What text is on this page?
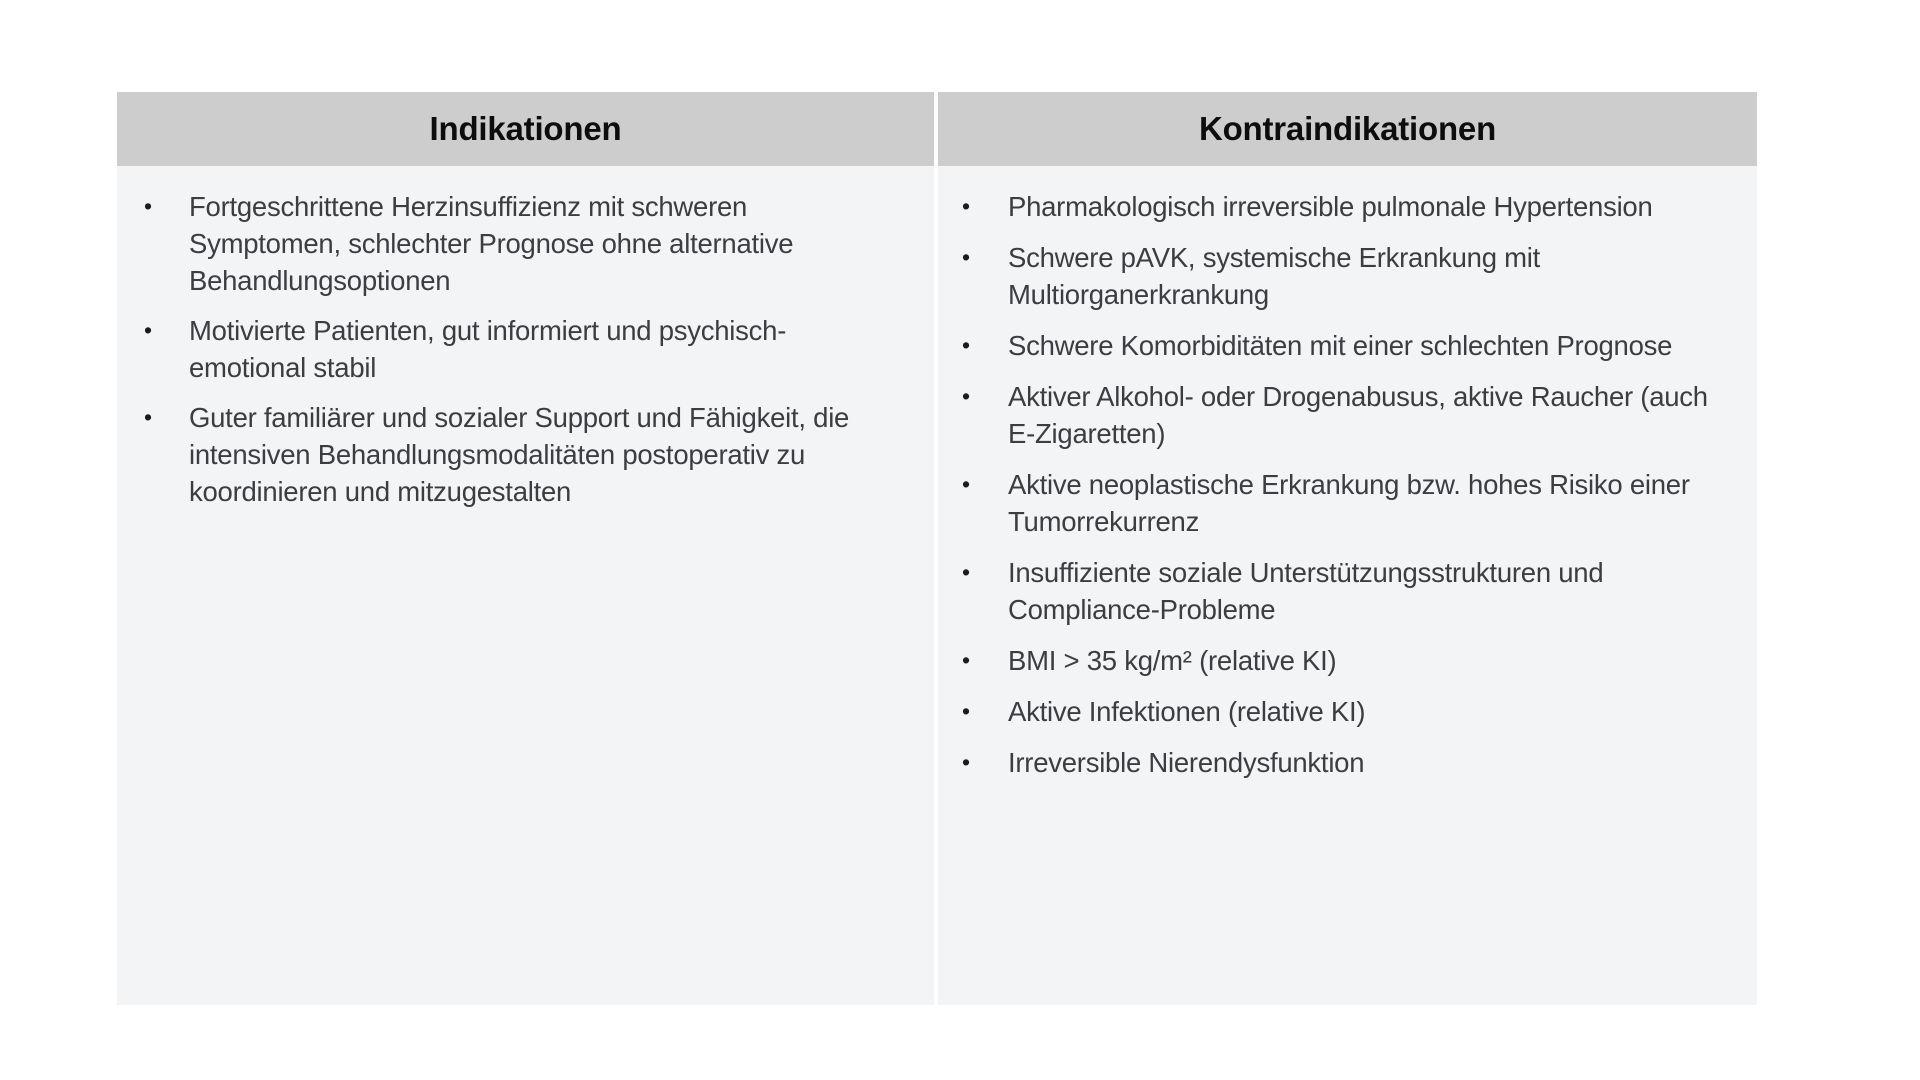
Indikationen	Kontraindikationen
• Fortgeschrittene Herzinsuffizienz mit schweren Symptomen, schlechter Prognose ohne alternative Behandlungsoptionen
• Motivierte Patienten, gut informiert und psychisch-emotional stabil
• Guter familiärer und sozialer Support und Fähigkeit, die intensiven Behandlungsmodalitäten postoperativ zu koordinieren und mitzugestalten
• Pharmakologisch irreversible pulmonale Hypertension
• Schwere pAVK, systemische Erkrankung mit Multiorganerkrankung
• Schwere Komorbiditäten mit einer schlechten Prognose
• Aktiver Alkohol- oder Drogenabusus, aktive Raucher (auch E-Zigaretten)
• Aktive neoplastische Erkrankung bzw. hohes Risiko einer Tumorrekurrenz
• Insuffiziente soziale Unterstützungsstrukturen und Compliance-Probleme
• BMI > 35 kg/m² (relative KI)
• Aktive Infektionen (relative KI)
• Irreversible Nierendysfunktion
